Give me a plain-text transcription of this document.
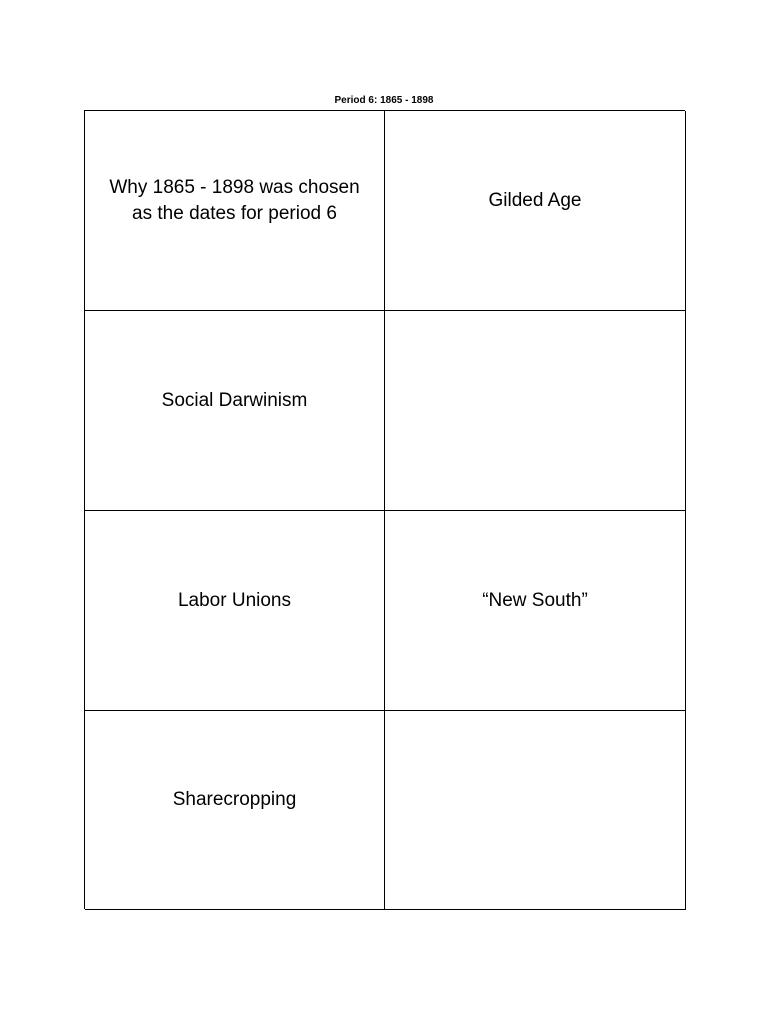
Period 6: 1865 - 1898
Why 1865 - 1898 was chosen as the dates for period 6
Gilded Age
Social Darwinism
Labor Unions	“New South”
Sharecropping
